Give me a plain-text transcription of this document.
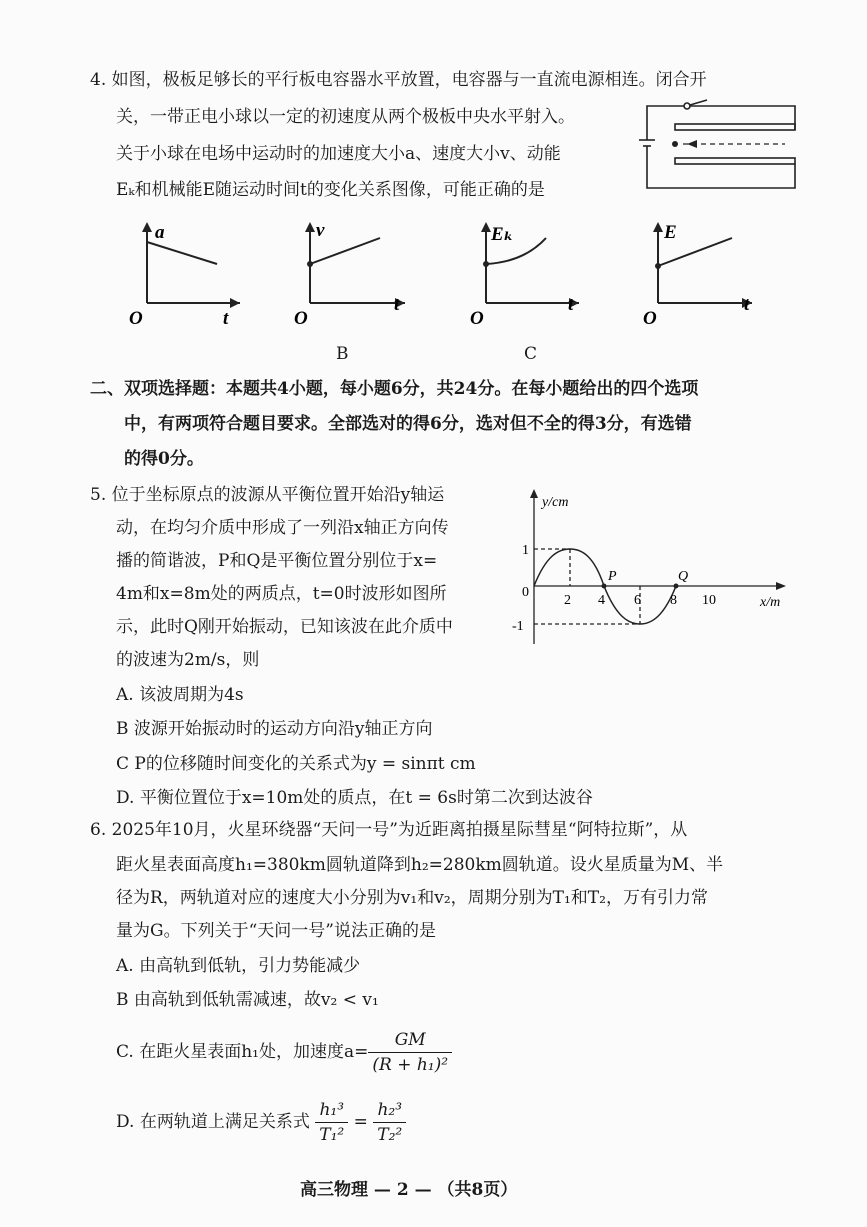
4. 如图，极板足够长的平行板电容器水平放置，电容器与一直流电源相连。闭合开
关，一带正电小球以一定的初速度从两个极板中央水平射入。
关于小球在电场中运动时的加速度大小a、速度大小v、动能
Eₖ和机械能E随运动时间t的变化关系图像，可能正确的是
a
t
O
v
t
O
Eₖ
t
O
E
t
O
B	C
二、双项选择题：本题共4小题，每小题6分，共24分。在每小题给出的四个选项
中，有两项符合题目要求。全部选对的得6分，选对但不全的得3分，有选错
的得0分。
5. 位于坐标原点的波源从平衡位置开始沿y轴运
动，在均匀介质中形成了一列沿x轴正方向传
播的简谐波，P和Q是平衡位置分别位于x=
4m和x=8m处的两质点，t=0时波形如图所
示，此时Q刚开始振动，已知该波在此介质中
的波速为2m/s，则
A. 该波周期为4s
B 波源开始振动时的运动方向沿y轴正方向
C P的位移随时间变化的关系式为y = sinπt cm
D. 平衡位置位于x=10m处的质点，在t = 6s时第二次到达波谷
y/cm
x/m
0
1
-1
2 4 6 8 10
P	Q
6. 2025年10月，火星环绕器“天问一号”为近距离拍摄星际彗星“阿特拉斯”，从
距火星表面高度h₁=380km圆轨道降到h₂=280km圆轨道。设火星质量为M、半
径为R，两轨道对应的速度大小分别为v₁和v₂，周期分别为T₁和T₂，万有引力常
量为G。下列关于“天问一号”说法正确的是
A. 由高轨到低轨，引力势能减少
B 由高轨到低轨需减速，故v₂ < v₁
C. 在距火星表面h₁处，加速度$a= \frac{GM}{\text{(R + h₁)²}}$
D. 在两轨道上满足关系式 $\frac{\text{h₁³}}{\text{T₁²}} = \frac{\text{h₂³}}{\text{T₂²}}$
高三物理 — 2 — （共8页）
